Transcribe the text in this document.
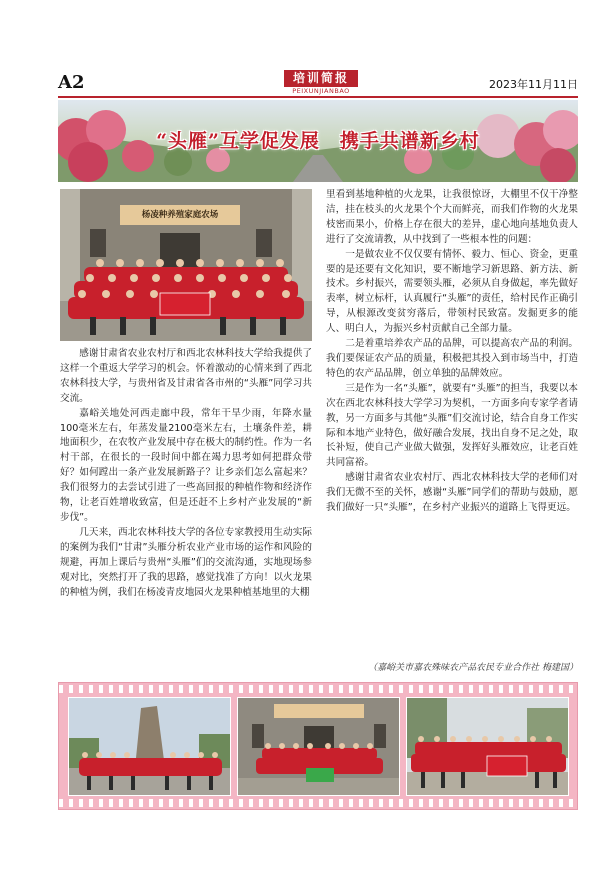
A2	培训简报
PEIXUNJIANBAO	2023年11月11日
“头雁”互学促发展　携手共谱新乡村
杨凌种养殖家庭农场

感谢甘肃省农业农村厅和西北农林科技大学给我提供了这样一个重返大学学习的机会。怀着激动的心情来到了西北农林科技大学，与贵州省及甘肃省各市州的“头雁”同学习共交流。

嘉峪关地处河西走廊中段，常年干旱少雨，年降水量100毫米左右，年蒸发量2100毫米左右，土壤条件差，耕地面积少，在农牧产业发展中存在极大的制约性。作为一名村干部，在很长的一段时间中都在竭力思考如何把群众带好？如何蹚出一条产业发展新路子？让乡亲们怎么富起来？我们很努力的去尝试引进了一些高回报的种植作物和经济作物，让老百姓增收致富，但是还赶不上乡村产业发展的“新步伐”。

几天来，西北农林科技大学的各位专家教授用生动实际的案例为我们“甘肃”头雁分析农业产业市场的运作和风险的规避，再加上课后与贵州“头雁”们的交流沟通，实地现场参观对比，突然打开了我的思路，感觉找准了方向！以火龙果的种植为例，我们在杨凌青皮地园火龙果种植基地里的大棚

里看到基地种植的火龙果，让我很惊讶，大棚里不仅干净整洁，挂在枝头的火龙果个个大而鲜亮，而我们作物的火龙果枝密而果小，价格上存在很大的差异，虚心地向基地负责人进行了交流请教，从中找到了一些根本性的问题：

一是做农业不仅仅要有情怀、毅力、恒心、资金，更重要的是还要有文化知识，要不断地学习新思路、新方法、新技术。乡村振兴，需要领头雁，必须从自身做起，率先做好表率，树立标杆，认真履行“头雁”的责任，给村民作正确引导，从根源改变贫穷落后，带领村民致富。发掘更多的能人、明白人，为振兴乡村贡献自己全部力量。

二是着重培养农产品的品牌，可以提高农产品的利润。我们要保证农产品的质量，积极把其投入到市场当中，打造特色的农产品品牌，创立单独的品牌效应。

三是作为一名“头雁”，就要有“头雁”的担当，我要以本次在西北农林科技大学学习为契机，一方面多向专家学者请教，另一方面多与其他“头雁”们交流讨论，结合自身工作实际和本地产业特色，做好融合发展，找出自身不足之处，取长补短，使自己产业做大做强，发挥好头雁效应，让老百姓共同富裕。

感谢甘肃省农业农村厅、西北农林科技大学的老师们对我们无微不至的关怀，感谢“头雁”同学们的帮助与鼓励，愿我们做好一只“头雁”，在乡村产业振兴的道路上飞得更远。

（嘉峪关市嘉农殊味农产品农民专业合作社 梅建国）
